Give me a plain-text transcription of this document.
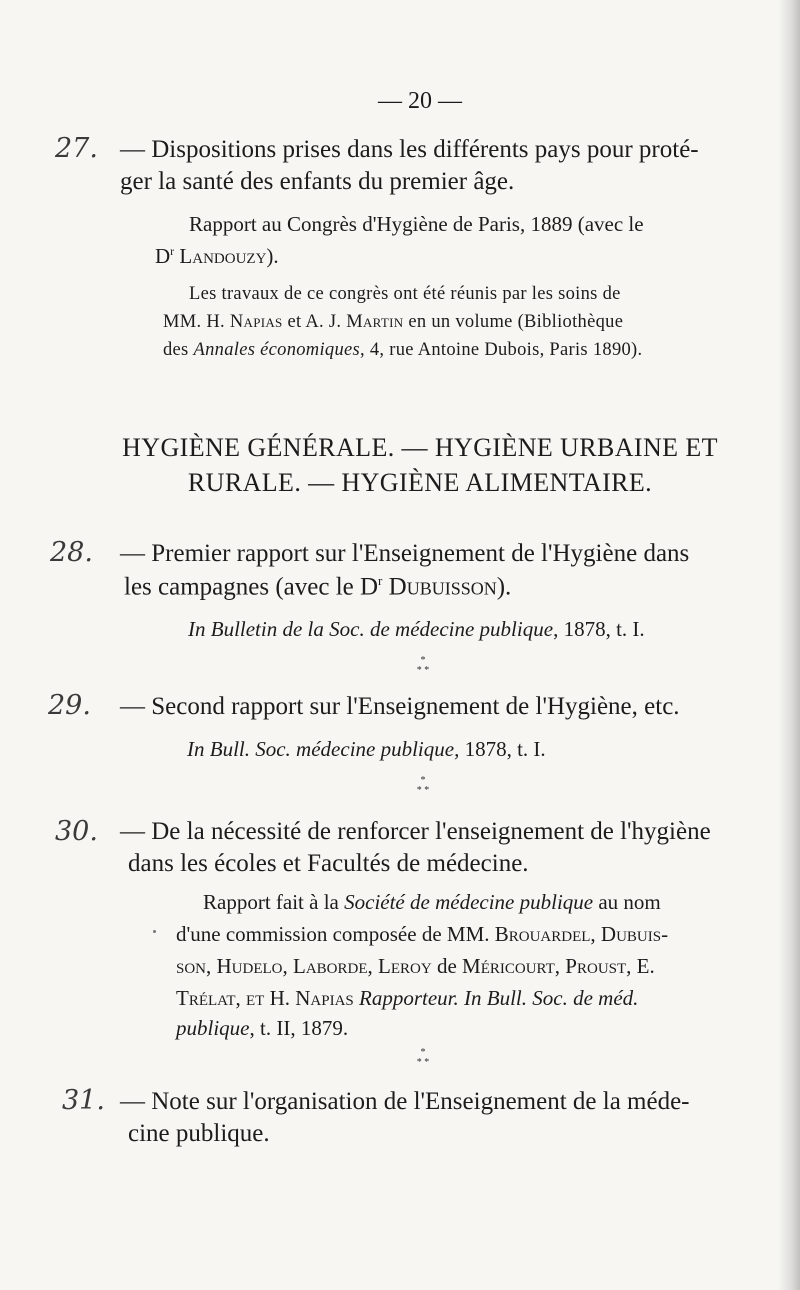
— 20 —
27. — Dispositions prises dans les différents pays pour proté-
ger la santé des enfants du premier âge.
Rapport au Congrès d'Hygiène de Paris, 1889 (avec le
$D^r$ Landouzy).
Les travaux de ce congrès ont été réunis par les soins de
MM. H. Napias et A. J. Martin en un volume (Bibliothèque
des Annales économiques, 4, rue Antoine Dubois, Paris 1890).
HYGIÈNE GÉNÉRALE. — HYGIÈNE URBAINE ET
RURALE. — HYGIÈNE ALIMENTAIRE.
28. — Premier rapport sur l'Enseignement de l'Hygiène dans
les campagnes (avec le $D^r$ Dubuisson).
In Bulletin de la Soc. de médecine publique, 1878, t. I.
*
* *
29. — Second rapport sur l'Enseignement de l'Hygiène, etc.
In Bull. Soc. médecine publique, 1878, t. I.
*
* *
30. — De la nécessité de renforcer l'enseignement de l'hygiène
dans les écoles et Facultés de médecine.
Rapport fait à la Société de médecine publique au nom
d'une commission composée de MM. Brouardel, Dubuis-
son, Hudelo, Laborde, Leroy de Méricourt, Proust, E.
Trélat, et H. Napias Rapporteur. In Bull. Soc. de méd.
publique, t. II, 1879.
*
* *
31. — Note sur l'organisation de l'Enseignement de la méde-
cine publique.
